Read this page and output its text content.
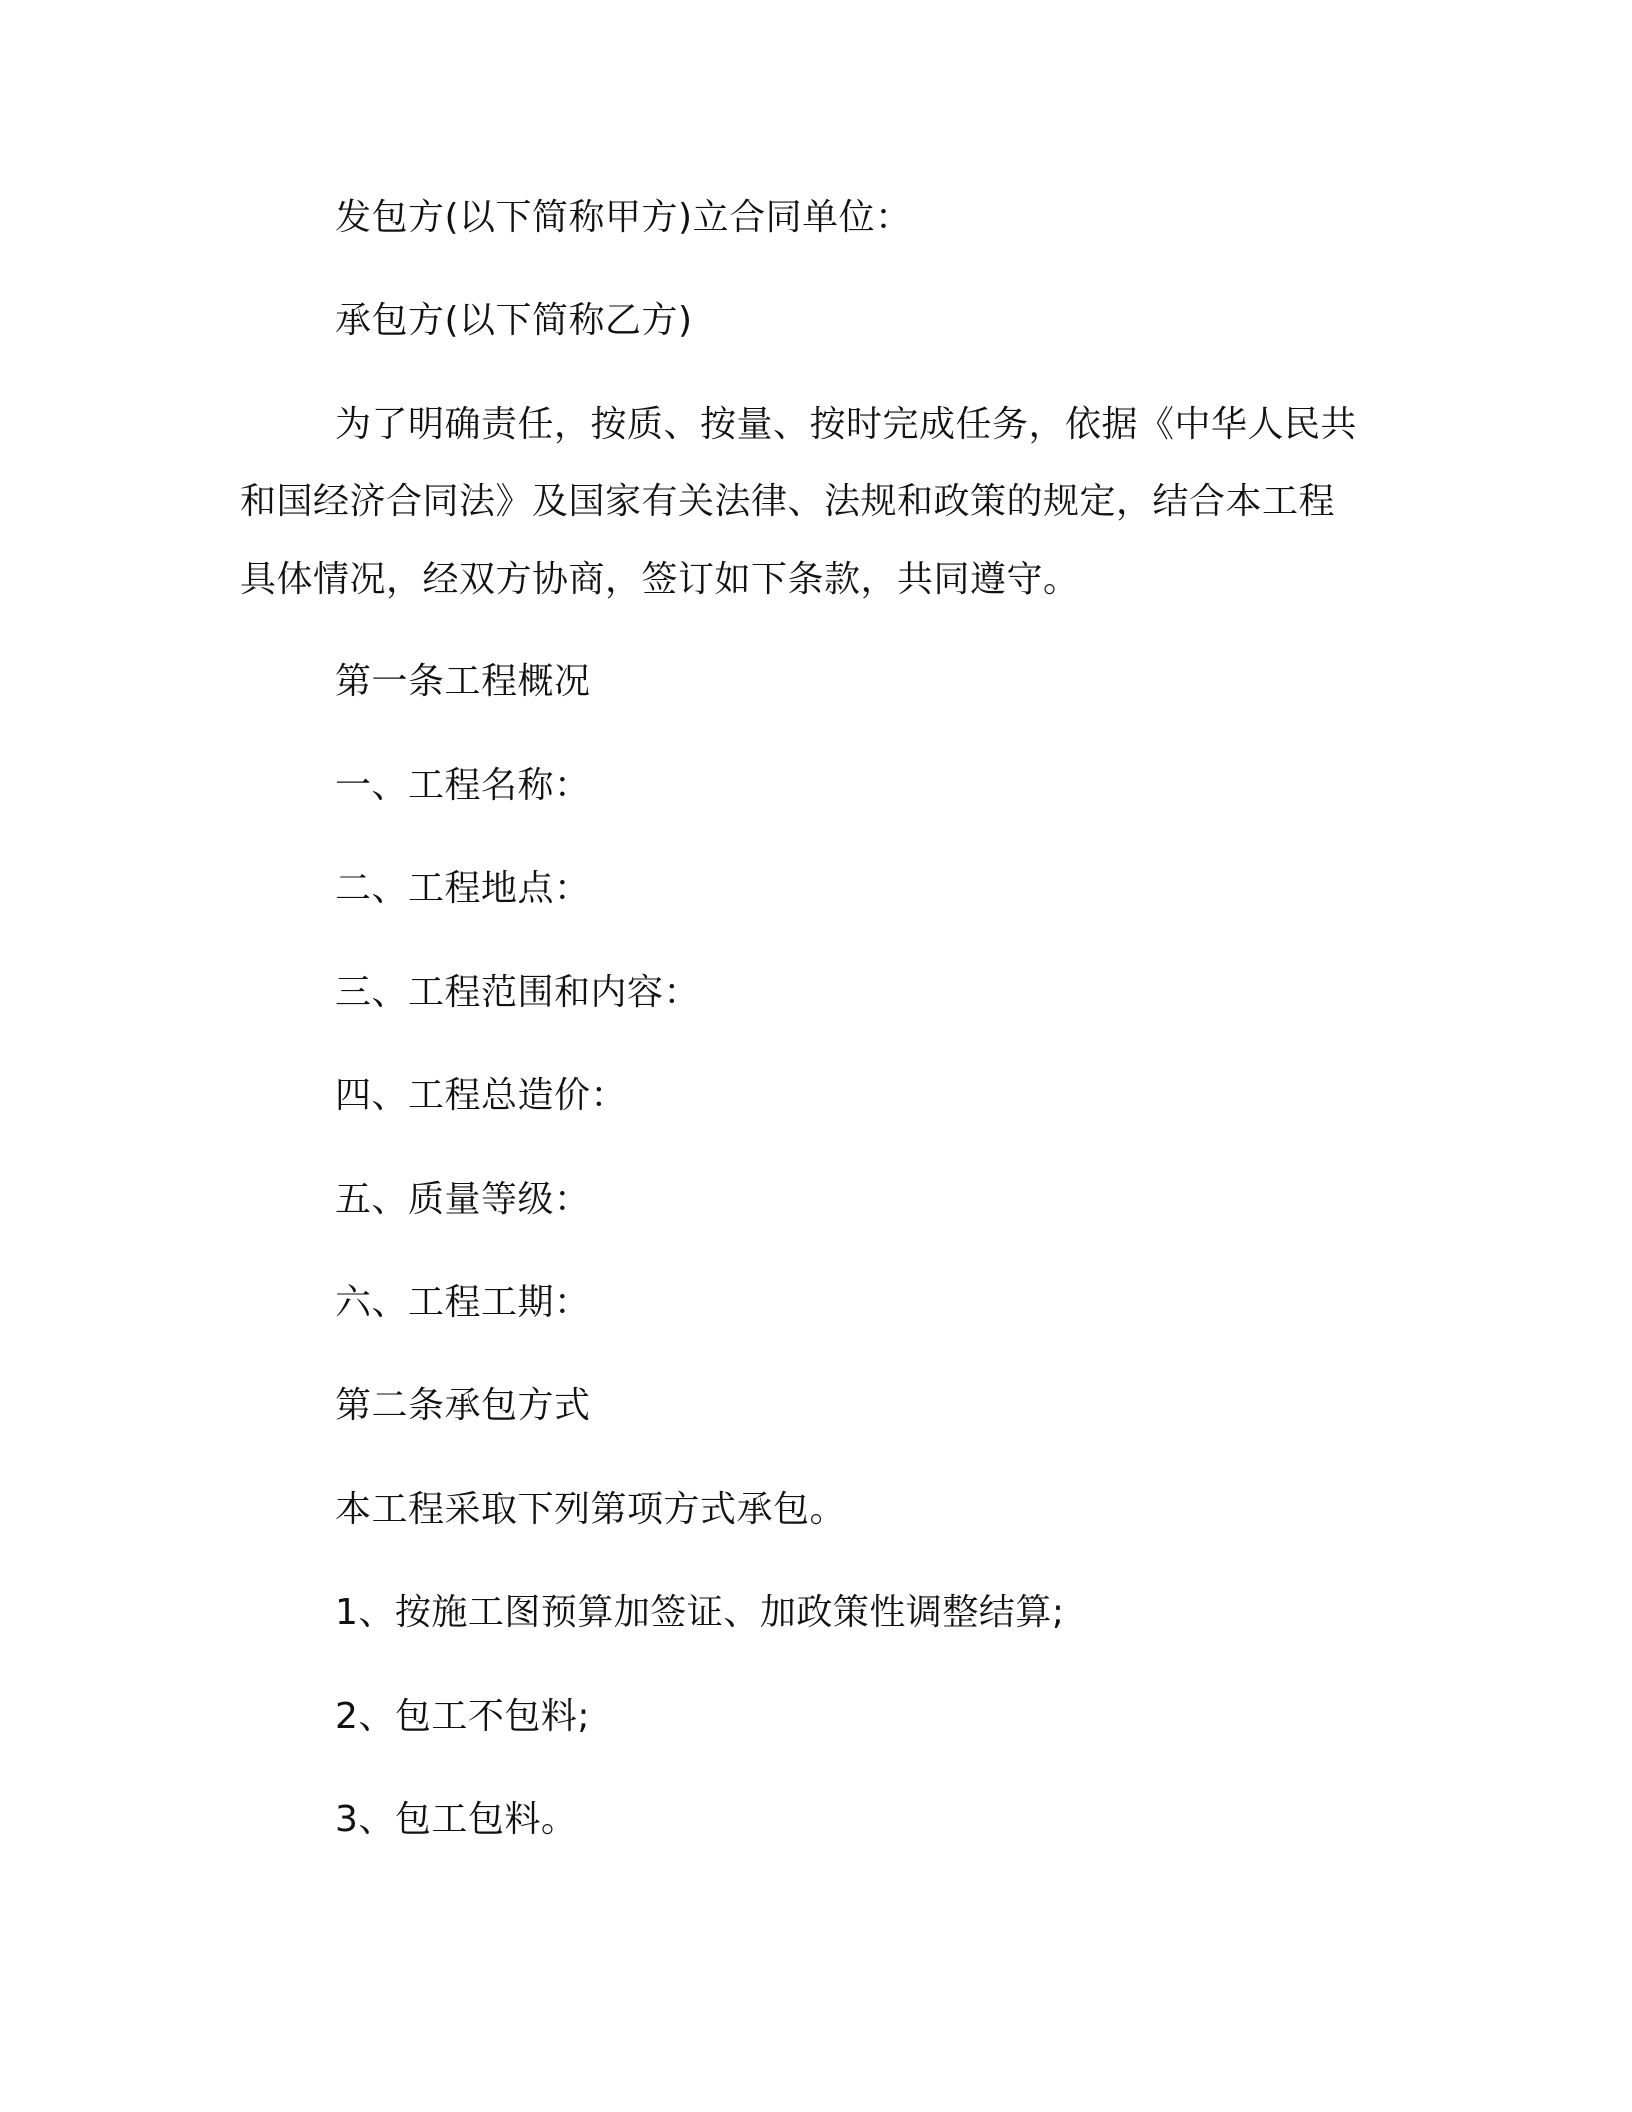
发包方(以下简称甲方)立合同单位：
承包方(以下简称乙方)
为了明确责任，按质、按量、按时完成任务，依据《中华人民共
和国经济合同法》及国家有关法律、法规和政策的规定，结合本工程
具体情况，经双方协商，签订如下条款，共同遵守。
第一条工程概况
一、工程名称：
二、工程地点：
三、工程范围和内容：
四、工程总造价：
五、质量等级：
六、工程工期：
第二条承包方式
本工程采取下列第项方式承包。
1、按施工图预算加签证、加政策性调整结算;
2、包工不包料;
3、包工包料。
